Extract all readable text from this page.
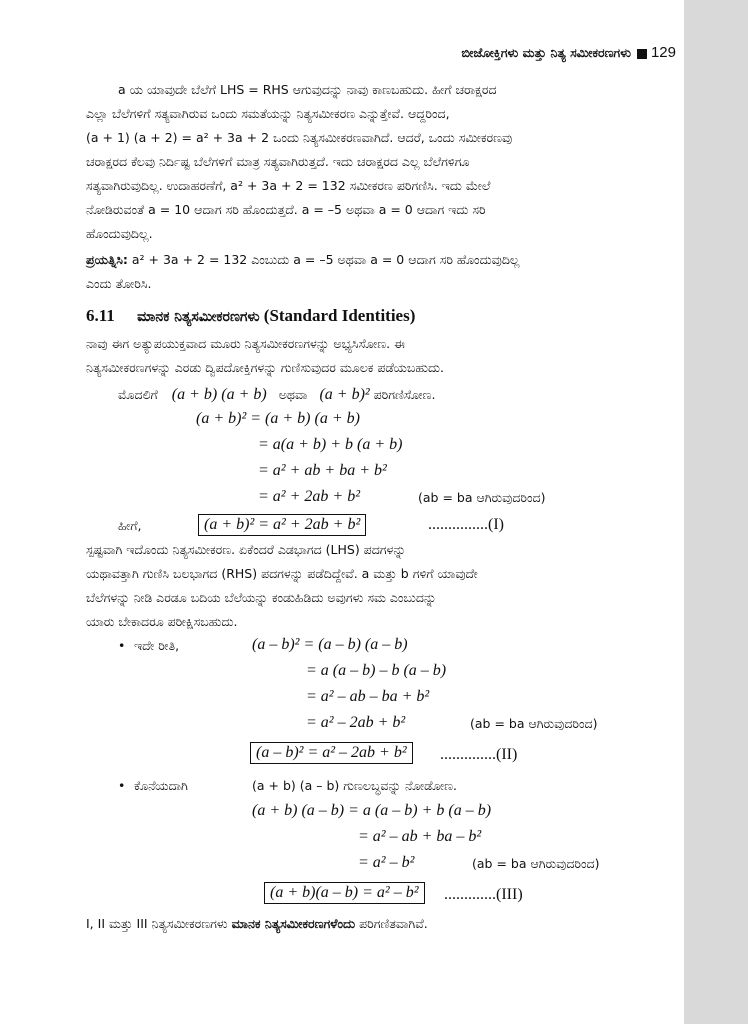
ಬೀಜೋಕ್ತಿಗಳು ಮತ್ತು ನಿತ್ಯ ಸಮೀಕರಣಗಳು 129
a ಯ ಯಾವುದೇ ಬೆಲೆಗೆ LHS = RHS ಆಗುವುದನ್ನು ನಾವು ಕಾಣಬಹುದು. ಹೀಗೆ ಚರಾಕ್ಷರದ
ಎಲ್ಲಾ ಬೆಲೆಗಳಿಗೆ ಸತ್ಯವಾಗಿರುವ ಒಂದು ಸಮತೆಯನ್ನು ನಿತ್ಯಸಮೀಕರಣ ಎನ್ನುತ್ತೇವೆ. ಆದ್ದರಿಂದ,
(a + 1) (a + 2) = a² + 3a + 2 ಒಂದು ನಿತ್ಯಸಮೀಕರಣವಾಗಿದೆ. ಆದರೆ, ಒಂದು ಸಮೀಕರಣವು
ಚರಾಕ್ಷರದ ಕೆಲವು ನಿರ್ದಿಷ್ಟ ಬೆಲೆಗಳಿಗೆ ಮಾತ್ರ ಸತ್ಯವಾಗಿರುತ್ತದೆ. ಇದು ಚರಾಕ್ಷರದ ಎಲ್ಲ ಬೆಲೆಗಳಿಗೂ
ಸತ್ಯವಾಗಿರುವುದಿಲ್ಲ. ಉದಾಹರಣೆಗೆ, a² + 3a + 2 = 132 ಸಮೀಕರಣ ಪರಿಗಣಿಸಿ. ಇದು ಮೇಲೆ
ನೋಡಿರುವಂತೆ a = 10 ಆದಾಗ ಸರಿ ಹೊಂದುತ್ತದೆ. a = –5 ಅಥವಾ a = 0 ಆದಾಗ ಇದು ಸರಿ
ಹೊಂದುವುದಿಲ್ಲ.
ಪ್ರಯತ್ನಿಸಿ: a² + 3a + 2 = 132 ಎಂಬುದು a = –5 ಅಥವಾ a = 0 ಆದಾಗ ಸರಿ ಹೊಂದುವುದಿಲ್ಲ
ಎಂದು ತೋರಿಸಿ.
6.11 ಮಾನಕ ನಿತ್ಯಸಮೀಕರಣಗಳು (Standard Identities)
ನಾವು ಈಗ ಅತ್ಯುಪಯುಕ್ತವಾದ ಮೂರು ನಿತ್ಯಸಮೀಕರಣಗಳನ್ನು ಅಭ್ಯಸಿಸೋಣ. ಈ
ನಿತ್ಯಸಮೀಕರಣಗಳನ್ನು ಎರಡು ದ್ವಿಪದೋಕ್ತಿಗಳನ್ನು ಗುಣಿಸುವುದರ ಮೂಲಕ ಪಡೆಯಬಹುದು.
ಮೊದಲಿಗೆ (a + b) (a + b) ಅಥವಾ (a + b)² ಪರಿಗಣಿಸೋಣ.
(a + b)² = (a + b) (a + b)
= a(a + b) + b (a + b)
= a² + ab + ba + b²
= a² + 2ab + b²	(ab = ba ಆಗಿರುವುದರಿಂದ)
ಹೀಗೆ,	(a + b)² = a² + 2ab + b²	...............(I)
ಸ್ಪಷ್ಟವಾಗಿ ಇದೊಂದು ನಿತ್ಯಸಮೀಕರಣ. ಏಕೆಂದರೆ ಎಡಭಾಗದ (LHS) ಪದಗಳನ್ನು
ಯಥಾವತ್ತಾಗಿ ಗುಣಿಸಿ ಬಲಭಾಗದ (RHS) ಪದಗಳನ್ನು ಪಡೆದಿದ್ದೇವೆ. a ಮತ್ತು b ಗಳಿಗೆ ಯಾವುದೇ
ಬೆಲೆಗಳನ್ನು ನೀಡಿ ಎರಡೂ ಬದಿಯ ಬೆಲೆಯನ್ನು ಕಂಡುಹಿಡಿದು ಅವುಗಳು ಸಮ ಎಂಬುದನ್ನು
ಯಾರು ಬೇಕಾದರೂ ಪರೀಕ್ಷಿಸಬಹುದು.
• ಇದೇ ರೀತಿ,	(a – b)² = (a – b) (a – b)
= a (a – b) – b (a – b)
= a² – ab – ba + b²
= a² – 2ab + b²	(ab = ba ಆಗಿರುವುದರಿಂದ)
(a – b)² = a² – 2ab + b²	..............(II)
• ಕೊನೆಯದಾಗಿ	(a + b) (a – b) ಗುಣಲಬ್ಧವನ್ನು ನೋಡೋಣ.
(a + b) (a – b) = a (a – b) + b (a – b)
= a² – ab + ba – b²
= a² – b²	(ab = ba ಆಗಿರುವುದರಿಂದ)
(a + b)(a – b) = a² – b²	.............(III)
I, II ಮತ್ತು III ನಿತ್ಯಸಮೀಕರಣಗಳು ಮಾನಕ ನಿತ್ಯಸಮೀಕರಣಗಳೆಂದು ಪರಿಗಣಿತವಾಗಿವೆ.
